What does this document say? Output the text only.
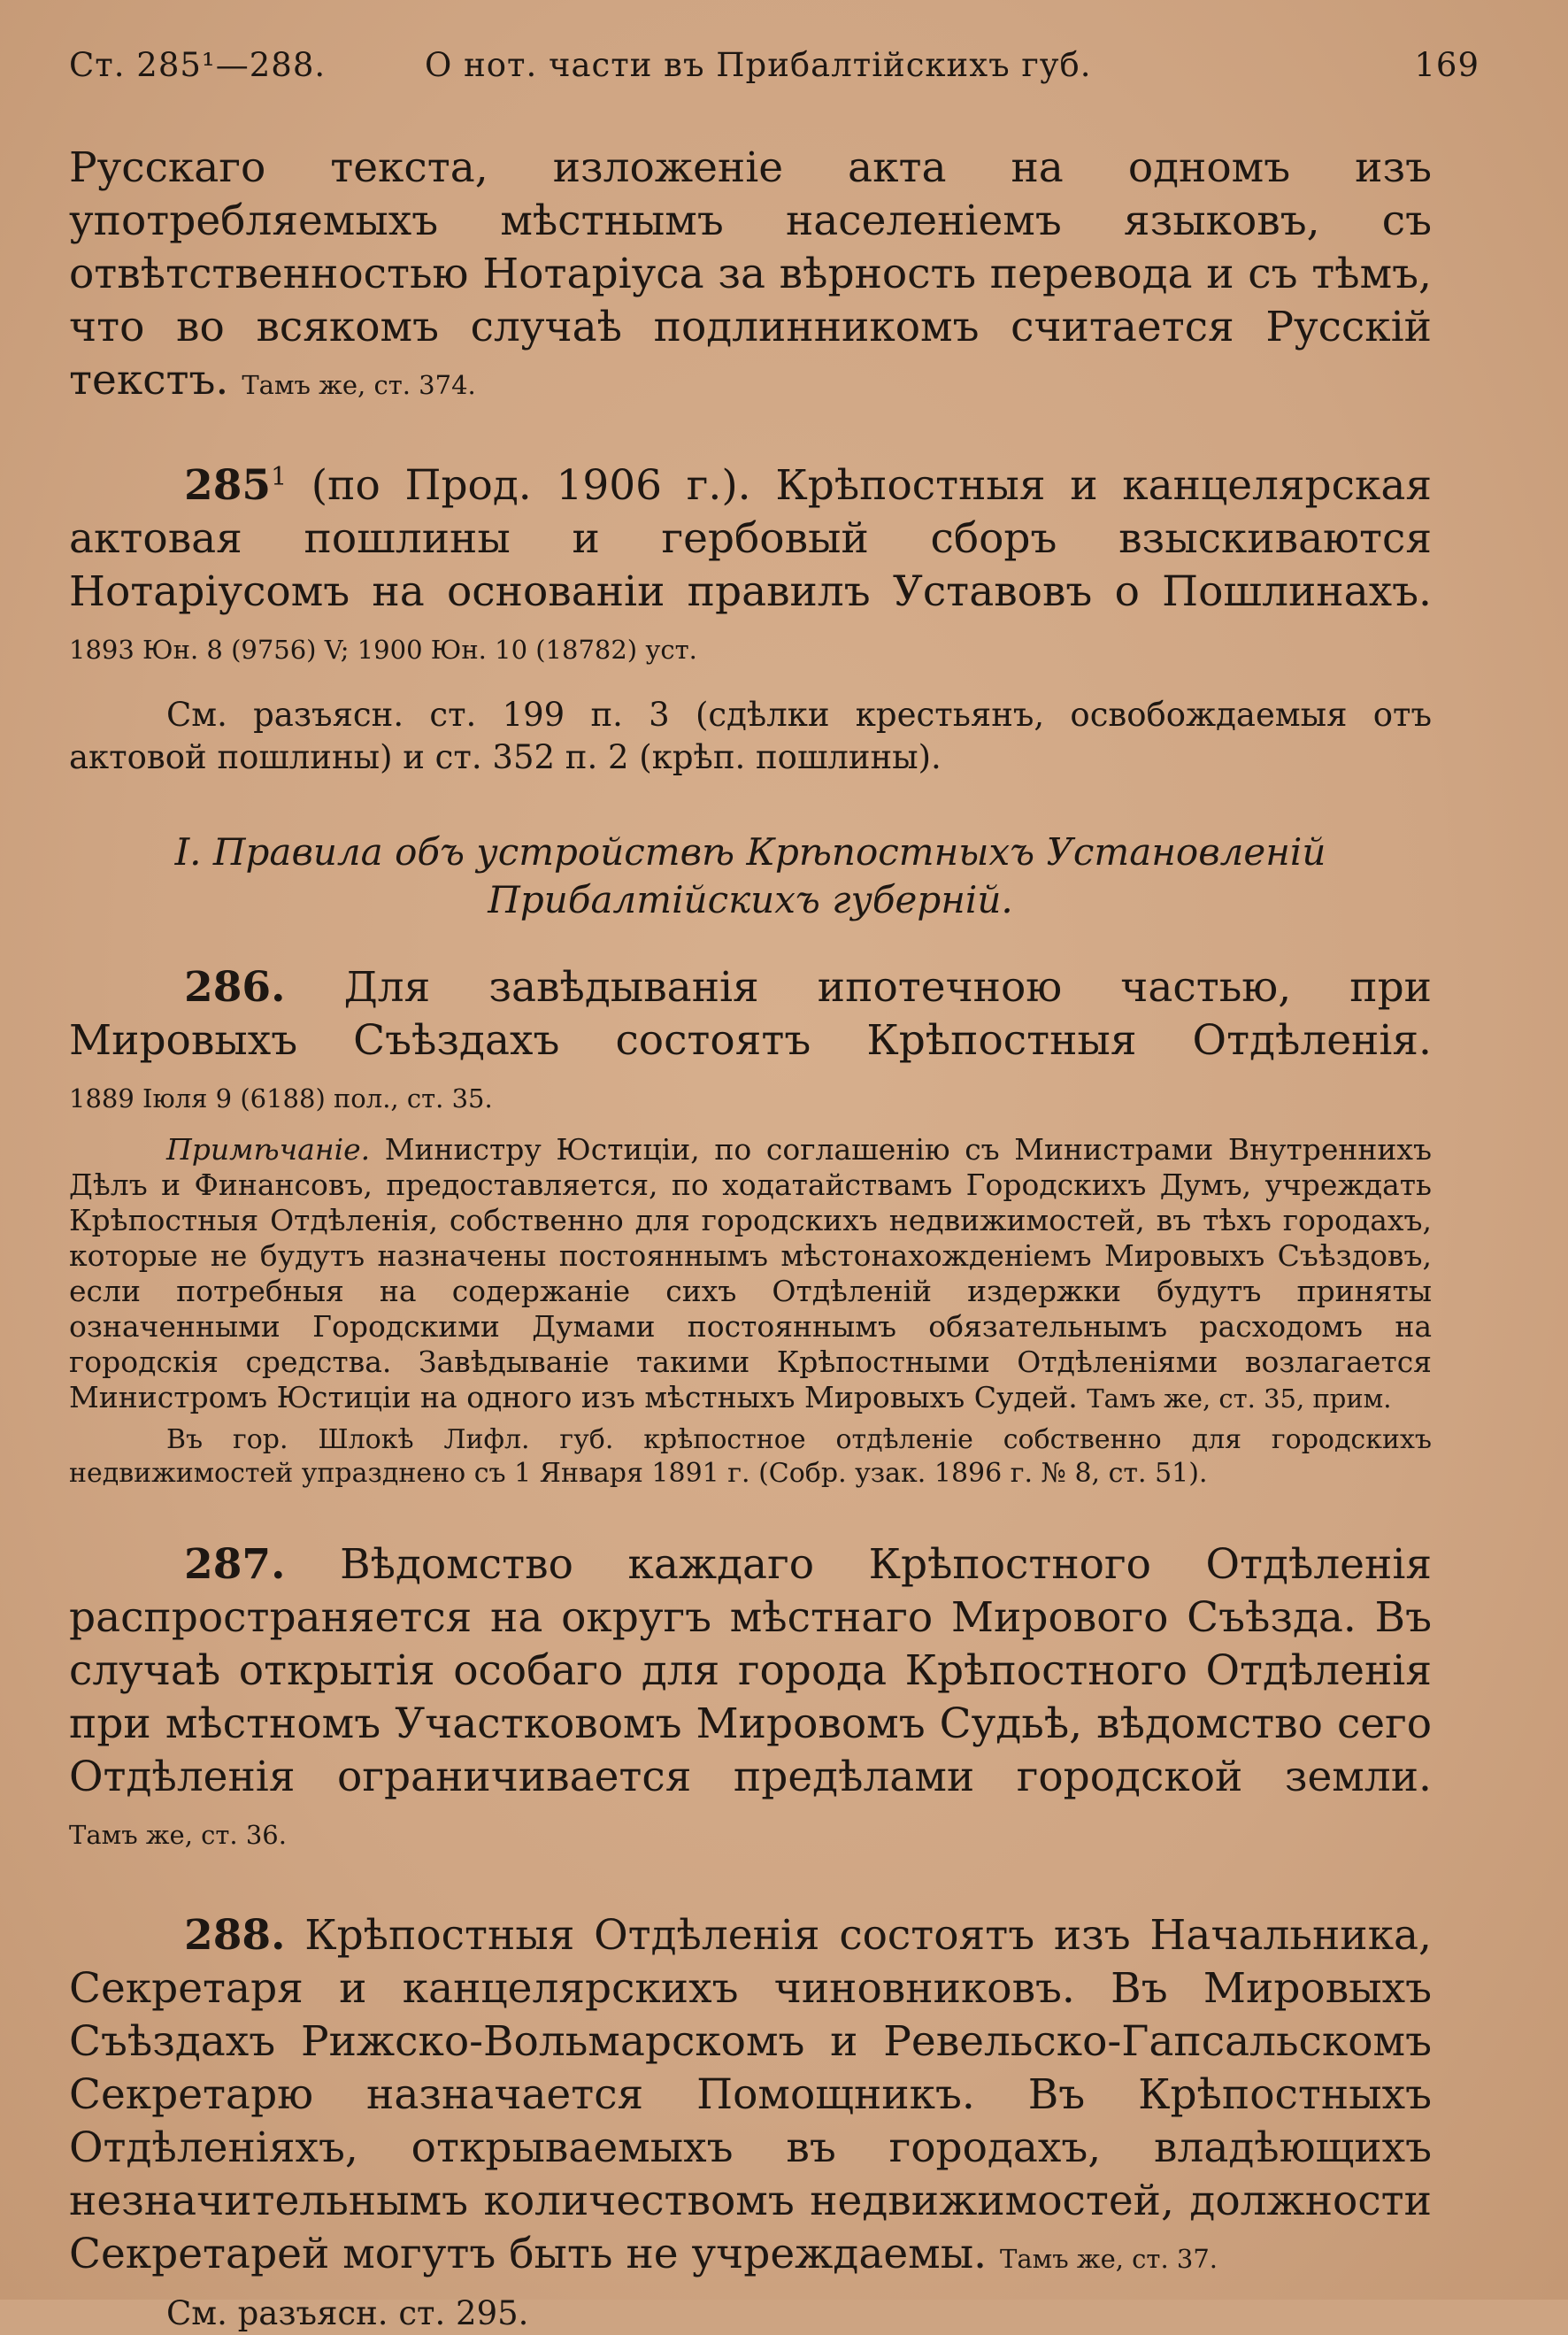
Ст. 285¹—288.	О нот. части въ Прибалтійскихъ губ.	169

Русскаго текста, изложеніе акта на одномъ изъ употребляемыхъ мѣстнымъ населеніемъ языковъ, съ отвѣтственностью Нотаріуса за вѣрность перевода и съ тѣмъ, что во всякомъ случаѣ подлинникомъ считается Русскій текстъ. Тамъ же, ст. 374.

$285^1$ (по Прод. 1906 г.). Крѣпостныя и канцелярская актовая пошлины и гербовый сборъ взыскиваются Нотаріусомъ на основаніи правилъ Уставовъ о Пошлинахъ. 1893 Юн. 8 (9756) V; 1900 Юн. 10 (18782) уст.

См. разъясн. ст. 199 п. 3 (сдѣлки крестьянъ, освобождаемыя отъ актовой пошлины) и ст. 352 п. 2 (крѣп. пошлины).

I. Правила объ устройствѣ Крѣпостныхъ Установленій Прибалтійскихъ губерній.

286. Для завѣдыванія ипотечною частью, при Мировыхъ Съѣздахъ состоятъ Крѣпостныя Отдѣленія. 1889 Іюля 9 (6188) пол., ст. 35.

Примѣчаніе. Министру Юстиціи, по соглашенію съ Министрами Внутреннихъ Дѣлъ и Финансовъ, предоставляется, по ходатайствамъ Городскихъ Думъ, учреждать Крѣпостныя Отдѣленія, собственно для городскихъ недвижимостей, въ тѣхъ городахъ, которые не будутъ назначены постояннымъ мѣстонахожденіемъ Мировыхъ Съѣздовъ, если потребныя на содержаніе сихъ Отдѣленій издержки будутъ приняты означенными Городскими Думами постояннымъ обязательнымъ расходомъ на городскія средства. Завѣдываніе такими Крѣпостными Отдѣленіями возлагается Министромъ Юстиціи на одного изъ мѣстныхъ Мировыхъ Судей. Тамъ же, ст. 35, прим.

Въ гор. Шлокѣ Лифл. губ. крѣпостное отдѣленіе собственно для городскихъ недвижимостей упразднено съ 1 Января 1891 г. (Собр. узак. 1896 г. № 8, ст. 51).

287. Вѣдомство каждаго Крѣпостного Отдѣленія распространяется на округъ мѣстнаго Мирового Съѣзда. Въ случаѣ открытія особаго для города Крѣпостного Отдѣленія при мѣстномъ Участковомъ Мировомъ Судьѣ, вѣдомство сего Отдѣленія ограничивается предѣлами городской земли. Тамъ же, ст. 36.

288. Крѣпостныя Отдѣленія состоятъ изъ Начальника, Секретаря и канцелярскихъ чиновниковъ. Въ Мировыхъ Съѣздахъ Рижско-Вольмарскомъ и Ревельско-Гапсальскомъ Секретарю назначается Помощникъ. Въ Крѣпостныхъ Отдѣленіяхъ, открываемыхъ въ городахъ, владѣющихъ незначительнымъ количествомъ недвижимостей, должности Секретарей могутъ быть не учреждаемы. Тамъ же, ст. 37.

См. разъясн. ст. 295.
